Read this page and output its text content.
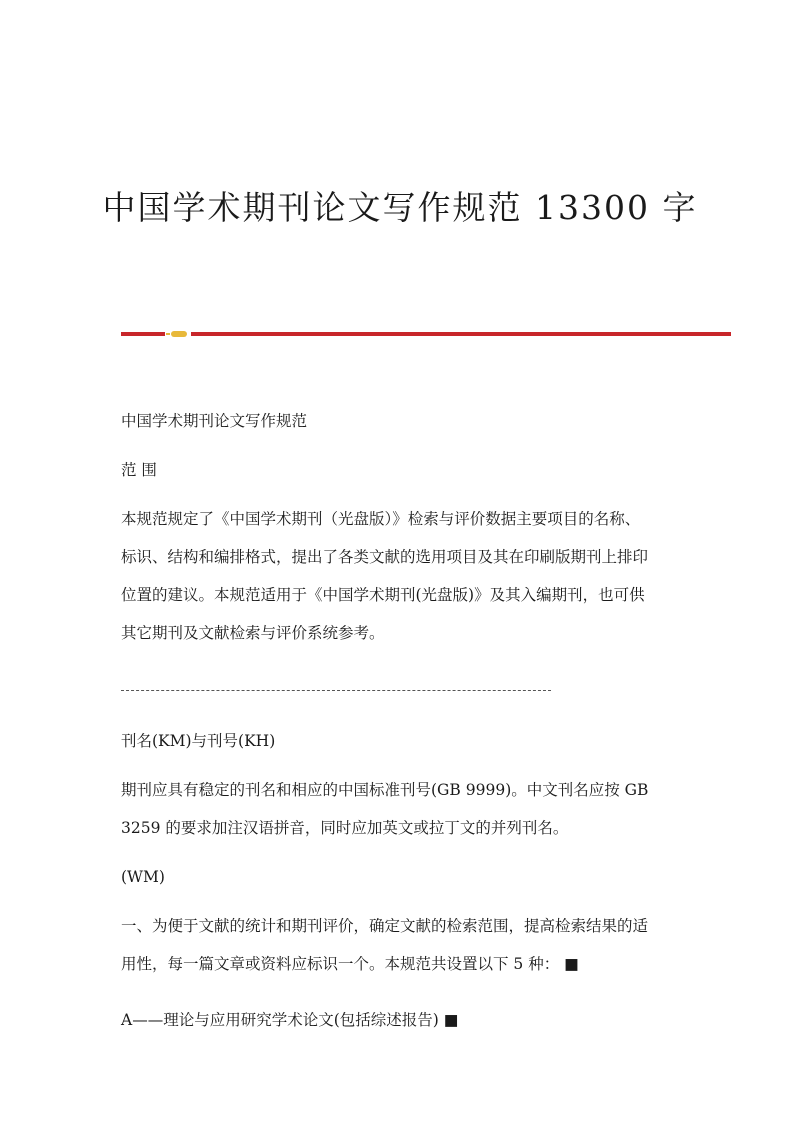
中国学术期刊论文写作规范 13300 字

中国学术期刊论文写作规范

范 围

本规范规定了《中国学术期刊（光盘版）》检索与评价数据主要项目的名称、
标识、结构和编排格式，提出了各类文献的选用项目及其在印刷版期刊上排印
位置的建议。本规范适用于《中国学术期刊(光盘版)》及其入编期刊，也可供
其它期刊及文献检索与评价系统参考。

刊名(KM)与刊号(KH)

期刊应具有稳定的刊名和相应的中国标准刊号(GB 9999)。中文刊名应按 GB
3259 的要求加注汉语拼音，同时应加英文或拉丁文的并列刊名。

(WM)

一、为便于文献的统计和期刊评价，确定文献的检索范围，提高检索结果的适
用性，每一篇文章或资料应标识一个。本规范共设置以下 5 种： ■

A——理论与应用研究学术论文(包括综述报告) ■
